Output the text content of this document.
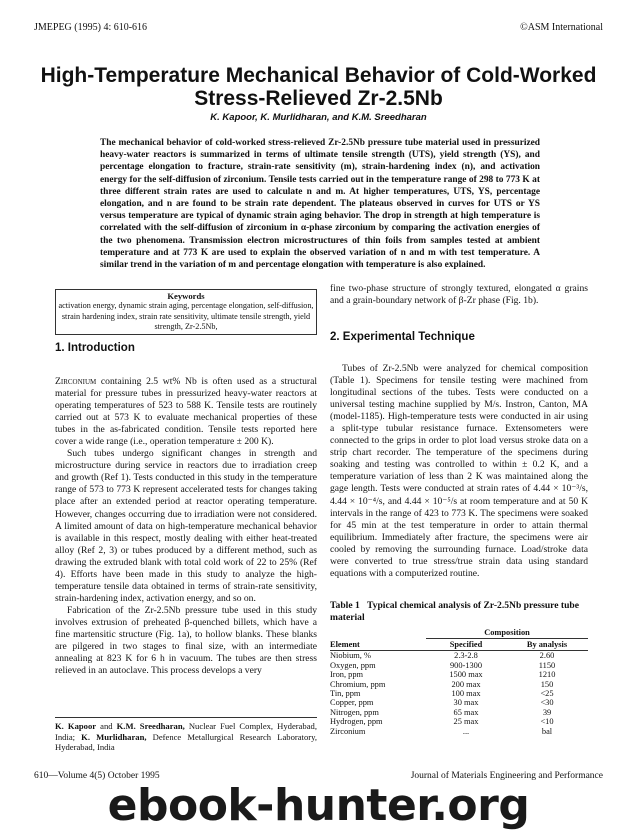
JMEPEG (1995) 4: 610-616	©ASM International
High-Temperature Mechanical Behavior of Cold-Worked Stress-Relieved Zr-2.5Nb
K. Kapoor, K. Murlidharan, and K.M. Sreedharan
The mechanical behavior of cold-worked stress-relieved Zr-2.5Nb pressure tube material used in pressurized heavy-water reactors is summarized in terms of ultimate tensile strength (UTS), yield strength (YS), and percentage elongation to fracture, strain-rate sensitivity (m), strain-hardening index (n), and activation energy for the self-diffusion of zirconium. Tensile tests carried out in the temperature range of 298 to 773 K at three different strain rates are used to calculate n and m. At higher temperatures, UTS, YS, percentage elongation, and n are found to be strain rate dependent. The plateaus observed in curves for UTS or YS versus temperature are typical of dynamic strain aging behavior. The drop in strength at high temperature is correlated with the self-diffusion of zirconium in α-phase zirconium by comparing the activation energies of the two phenomena. Transmission electron microstructures of thin foils from samples tested at ambient temperature and at 773 K are used to explain the observed variation of n and m with test temperature. A similar trend in the variation of m and percentage elongation with temperature is also explained.
Keywords
activation energy, dynamic strain aging, percentage elongation, self-diffusion, strain hardening index, strain rate sensitivity, ultimate tensile strength, yield strength, Zr-2.5Nb,
1. Introduction

Zirconium containing 2.5 wt% Nb is often used as a structural material for pressure tubes in pressurized heavy-water reactors at operating temperatures of 523 to 588 K. Tensile tests are routinely carried out at 573 K to evaluate mechanical properties of these tubes in the as-fabricated condition. Tensile tests reported here cover a wide range (i.e., operation temperature ± 200 K).

Such tubes undergo significant changes in strength and microstructure during service in reactors due to irradiation creep and growth (Ref 1). Tests conducted in this study in the temperature range of 573 to 773 K represent accelerated tests for changes taking place after an extended period at reactor operating temperature. However, changes occurring due to irradiation were not considered. A limited amount of data on high-temperature mechanical behavior is available in this respect, mostly dealing with either heat-treated alloy (Ref 2, 3) or tubes produced by a different method, such as drawing the extruded blank with total cold work of 22 to 25% (Ref 4). Efforts have been made in this study to analyze the high-temperature tensile data obtained in terms of strain-rate sensitivity, strain-hardening index, activation energy, and so on.

Fabrication of the Zr-2.5Nb pressure tube used in this study involves extrusion of preheated β-quenched billets, which have a fine martensitic structure (Fig. 1a), to hollow blanks. These blanks are pilgered in two stages to final size, with an intermediate annealing at 823 K for 6 h in vacuum. The tubes are then stress relieved in an autoclave. This process develops a very

K. Kapoor and K.M. Sreedharan, Nuclear Fuel Complex, Hyderabad, India; K. Murlidharan, Defence Metallurgical Research Laboratory, Hyderabad, India

fine two-phase structure of strongly textured, elongated α grains and a grain-boundary network of β-Zr phase (Fig. 1b).

2. Experimental Technique

Tubes of Zr-2.5Nb were analyzed for chemical composition (Table 1). Specimens for tensile testing were machined from longitudinal sections of the tubes. Tests were conducted on a universal testing machine supplied by M/s. Instron, Canton, MA (model-1185). High-temperature tests were conducted in air using a split-type tubular resistance furnace. Extensometers were connected to the grips in order to plot load versus stroke data on a strip chart recorder. The temperature of the specimens during soaking and testing was controlled to within ± 0.2 K, and a temperature variation of less than 2 K was maintained along the gage length. Tests were conducted at strain rates of 4.44 × 10⁻³/s, 4.44 × 10⁻⁴/s, and 4.44 × 10⁻⁵/s at room temperature and at 50 K intervals in the range of 423 to 773 K. The specimens were soaked for 45 min at the test temperature in order to attain thermal equilibrium. Immediately after fracture, the specimens were air cooled by removing the surrounding furnace. Load/stroke data were converted to true stress/true strain data using standard equations with a computerized routine.

Table 1 Typical chemical analysis of Zr-2.5Nb pressure tube material
	Composition	
Element	Specified	By analysis
Niobium, %	2.3-2.8	2.60
Oxygen, ppm	900-1300	1150
Iron, ppm	1500 max	1210
Chromium, ppm	200 max	150
Tin, ppm	100 max	<25
Copper, ppm	30 max	<30
Nitrogen, ppm	65 max	39
Hydrogen, ppm	25 max	<10
Zirconium	...	bal
610—Volume 4(5) October 1995	Journal of Materials Engineering and Performance
ebook-hunter.org
